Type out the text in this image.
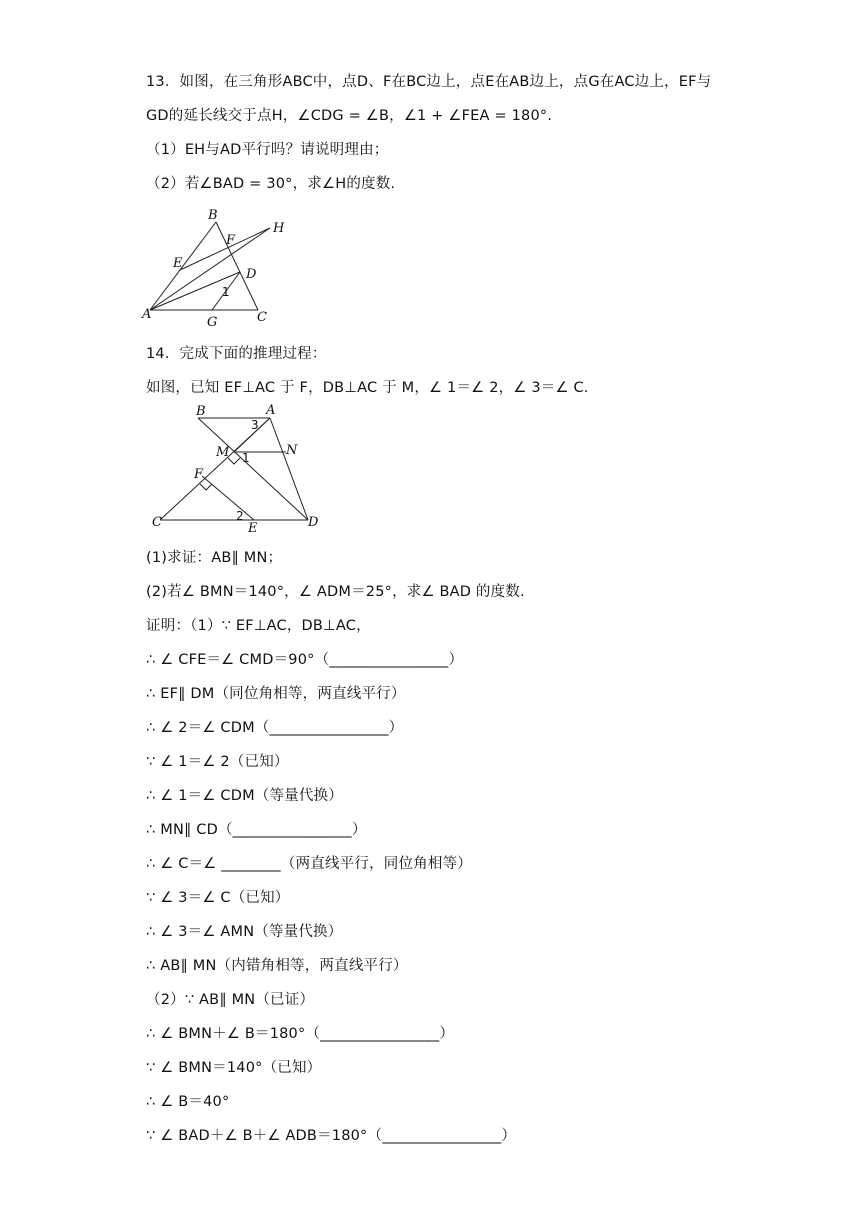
13．如图，在三角形ABC中，点D、F在BC边上，点E在AB边上，点G在AC边上，EF与
GD的延长线交于点H，∠CDG = ∠B，∠1 + ∠FEA = 180°.
（1）EH与AD平行吗？请说明理由；
（2）若∠BAD = 30°，求∠H的度数.
B
H
F
E
D
1
A
G	C
14．完成下面的推理过程：
如图，已知 EF⊥AC 于 F，DB⊥AC 于 M，∠ 1＝∠ 2，∠ 3＝∠ C.
B	A
3
M 1	N
F
2
C	E	D
(1)求证：AB∥ MN；
(2)若∠ BMN＝140°，∠ ADM＝25°，求∠ BAD 的度数.
证明：（1）∵ EF⊥AC，DB⊥AC，
∴ ∠ CFE＝∠ CMD＝90°（________________）
∴ EF∥ DM（同位角相等，两直线平行）
∴ ∠ 2＝∠ CDM（________________）
∵ ∠ 1＝∠ 2（已知）
∴ ∠ 1＝∠ CDM（等量代换）
∴ MN∥ CD（________________）
∴ ∠ C＝∠ ________（两直线平行，同位角相等）
∵ ∠ 3＝∠ C（已知）
∴ ∠ 3＝∠ AMN（等量代换）
∴ AB∥ MN（内错角相等，两直线平行）
（2）∵ AB∥ MN（已证）
∴ ∠ BMN＋∠ B＝180°（________________）
∵ ∠ BMN＝140°（已知）
∴ ∠ B＝40°
∵ ∠ BAD＋∠ B＋∠ ADB＝180°（________________）
